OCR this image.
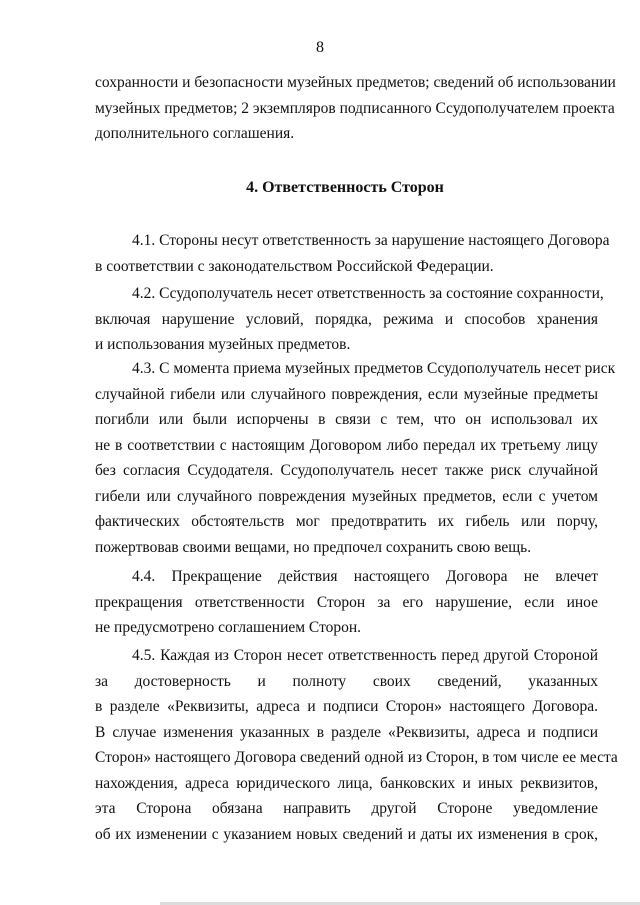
8
сохранности и безопасности музейных предметов; сведений об использовании
музейных предметов; 2 экземпляров подписанного Ссудополучателем проекта
дополнительного соглашения.
4. Ответственность Сторон
4.1. Стороны несут ответственность за нарушение настоящего Договора
в соответствии с законодательством Российской Федерации.
4.2. Ссудополучатель несет ответственность за состояние сохранности,
включая нарушение условий, порядка, режима и способов хранения
и использования музейных предметов.
4.3. С момента приема музейных предметов Ссудополучатель несет риск
случайной гибели или случайного повреждения, если музейные предметы
погибли или были испорчены в связи с тем, что он использовал их
не в соответствии с настоящим Договором либо передал их третьему лицу
без согласия Ссудодателя. Ссудополучатель несет также риск случайной
гибели или случайного повреждения музейных предметов, если с учетом
фактических обстоятельств мог предотвратить их гибель или порчу,
пожертвовав своими вещами, но предпочел сохранить свою вещь.
4.4. Прекращение действия настоящего Договора не влечет
прекращения ответственности Сторон за его нарушение, если иное
не предусмотрено соглашением Сторон.
4.5. Каждая из Сторон несет ответственность перед другой Стороной
за достоверность и полноту своих сведений, указанных
в разделе «Реквизиты, адреса и подписи Сторон» настоящего Договора.
В случае изменения указанных в разделе «Реквизиты, адреса и подписи
Сторон» настоящего Договора сведений одной из Сторон, в том числе ее места
нахождения, адреса юридического лица, банковских и иных реквизитов,
эта Сторона обязана направить другой Стороне уведомление
об их изменении с указанием новых сведений и даты их изменения в срок,
